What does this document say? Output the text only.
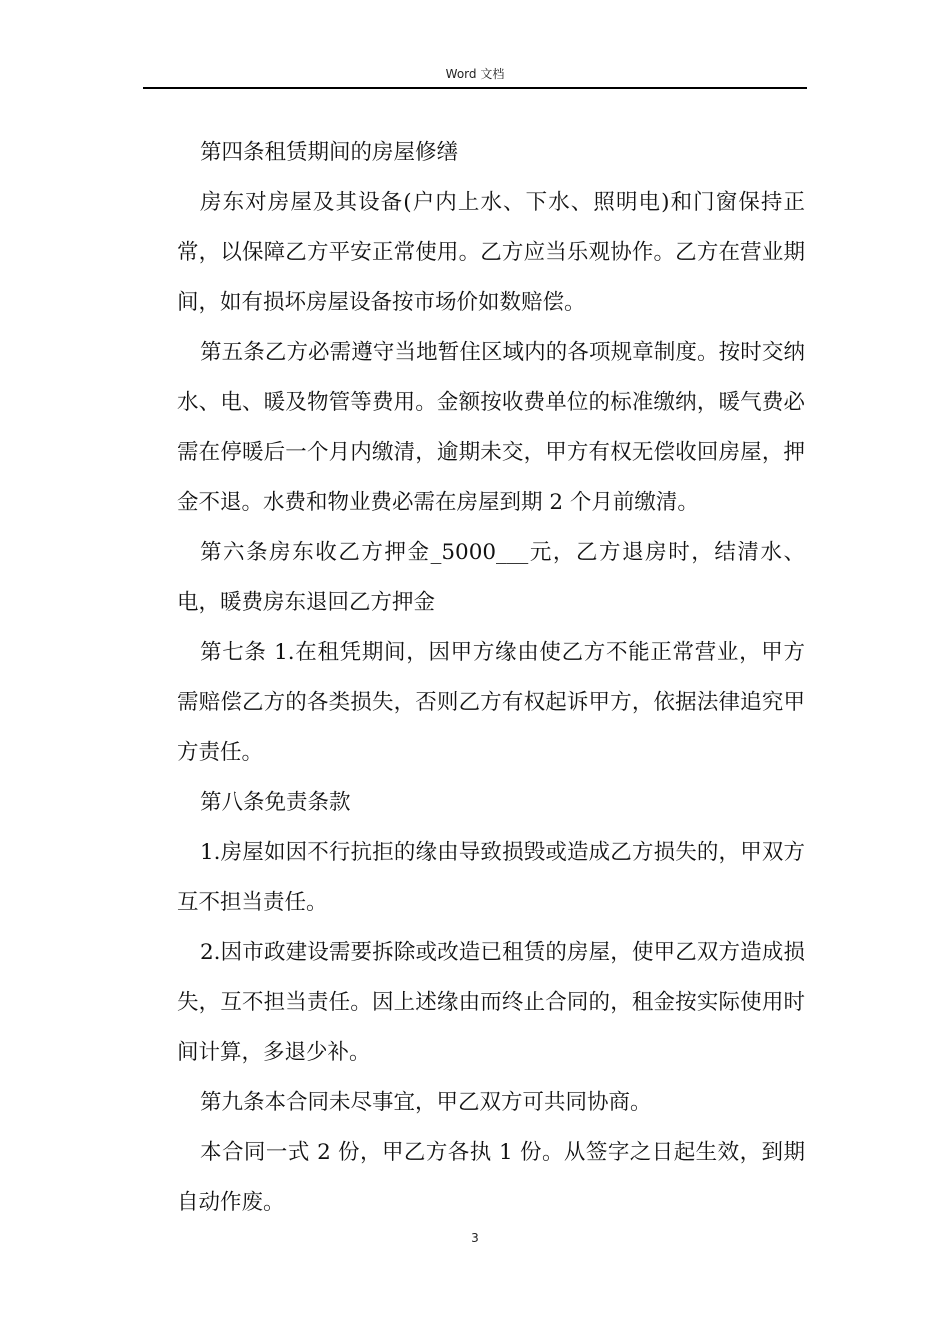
Word 文档

第四条租赁期间的房屋修缮

房东对房屋及其设备(户内上水、下水、照明电)和门窗保持正常，以保障乙方平安正常使用。乙方应当乐观协作。乙方在营业期间，如有损坏房屋设备按市场价如数赔偿。

第五条乙方必需遵守当地暂住区域内的各项规章制度。按时交纳水、电、暖及物管等费用。金额按收费单位的标准缴纳，暖气费必需在停暖后一个月内缴清，逾期未交，甲方有权无偿收回房屋，押金不退。水费和物业费必需在房屋到期 2 个月前缴清。

第六条房东收乙方押金_5000___元，乙方退房时，结清水、电，暖费房东退回乙方押金

第七条 1.在租凭期间，因甲方缘由使乙方不能正常营业，甲方需赔偿乙方的各类损失，否则乙方有权起诉甲方，依据法律追究甲方责任。

第八条免责条款

1.房屋如因不行抗拒的缘由导致损毁或造成乙方损失的，甲双方互不担当责任。

2.因市政建设需要拆除或改造已租赁的房屋，使甲乙双方造成损失，互不担当责任。因上述缘由而终止合同的，租金按实际使用时间计算，多退少补。

第九条本合同未尽事宜，甲乙双方可共同协商。

本合同一式 2 份，甲乙方各执 1 份。从签字之日起生效，到期自动作废。

3
